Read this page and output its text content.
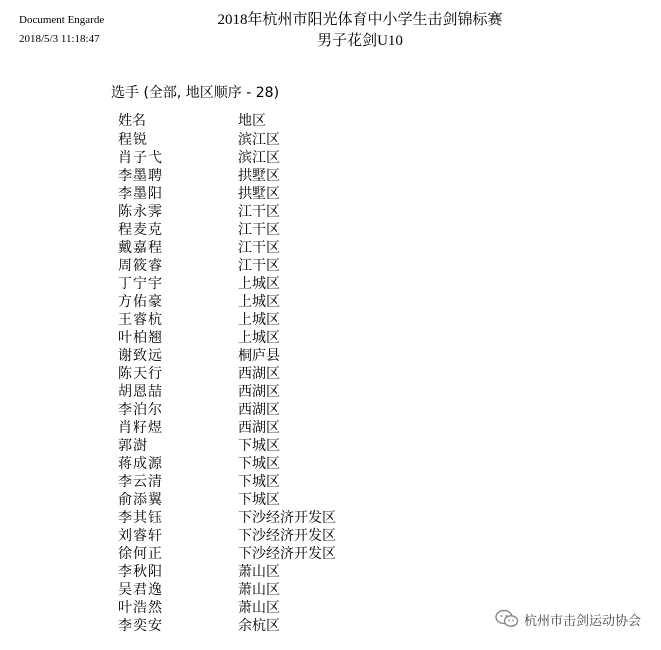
Document Engarde
2018/5/3 11:18:47
2018年杭州市阳光体育中小学生击剑锦标赛
男子花剑U10
选手 (全部, 地区顺序 - 28)
姓名	地区
程锐	滨江区
肖子弋	滨江区
李墨聘	拱墅区
李墨阳	拱墅区
陈永霁	江干区
程麦克	江干区
戴嘉程	江干区
周筱睿	江干区
丁宁宇	上城区
方佑豪	上城区
王睿杭	上城区
叶柏翘	上城区
谢致远	桐庐县
陈天行	西湖区
胡恩喆	西湖区
李泊尔	西湖区
肖籽煜	西湖区
郭澍	下城区
蒋成源	下城区
李云清	下城区
俞添翼	下城区
李其钰	下沙经济开发区
刘睿轩	下沙经济开发区
徐何正	下沙经济开发区
李秋阳	萧山区
吴君逸	萧山区
叶浩然	萧山区
李奕安	余杭区	杭州市击剑运动协会
